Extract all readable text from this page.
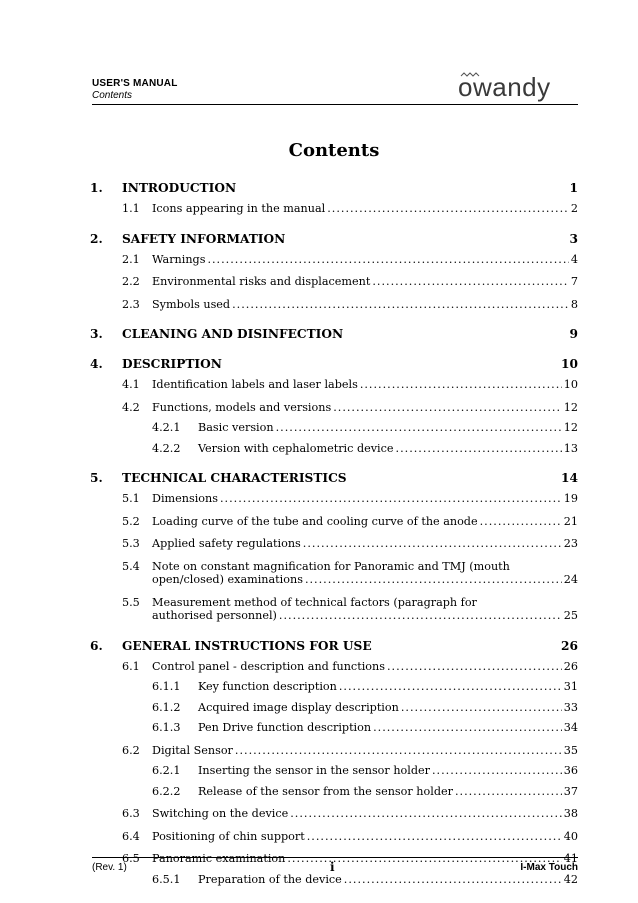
USER'S MANUAL
Contents	owandy
Contents
1. INTRODUCTION	1
1.1 Icons appearing in the manual .....	2
2. SAFETY INFORMATION	3
2.1 Warnings .....	4
2.2 Environmental risks and displacement .....	7
2.3 Symbols used .....	8
3. CLEANING AND DISINFECTION	9
4. DESCRIPTION	10
4.1 Identification labels and laser labels .....	10
4.2 Functions, models and versions .....	12
4.2.1 Basic version .....	12
4.2.2 Version with cephalometric device .....	13
5. TECHNICAL CHARACTERISTICS	14
5.1 Dimensions .....	19
5.2 Loading curve of the tube and cooling curve of the anode .....	21
5.3 Applied safety regulations .....	23
5.4 Note on constant magnification for Panoramic and TMJ (mouth
open/closed) examinations .....	24
5.5 Measurement method of technical factors (paragraph for
authorised personnel) .....	25
6. GENERAL INSTRUCTIONS FOR USE	26
6.1 Control panel - description and functions .....	26
6.1.1 Key function description .....	31
6.1.2 Acquired image display description .....	33
6.1.3 Pen Drive function description .....	34
6.2 Digital Sensor .....	35
6.2.1 Inserting the sensor in the sensor holder .....	36
6.2.2 Release of the sensor from the sensor holder .....	37
6.3 Switching on the device .....	38
6.4 Positioning of chin support .....	40
6.5 Panoramic examination .....	41
6.5.1 Preparation of the device .....	42
(Rev. 1)	i	I-Max Touch
